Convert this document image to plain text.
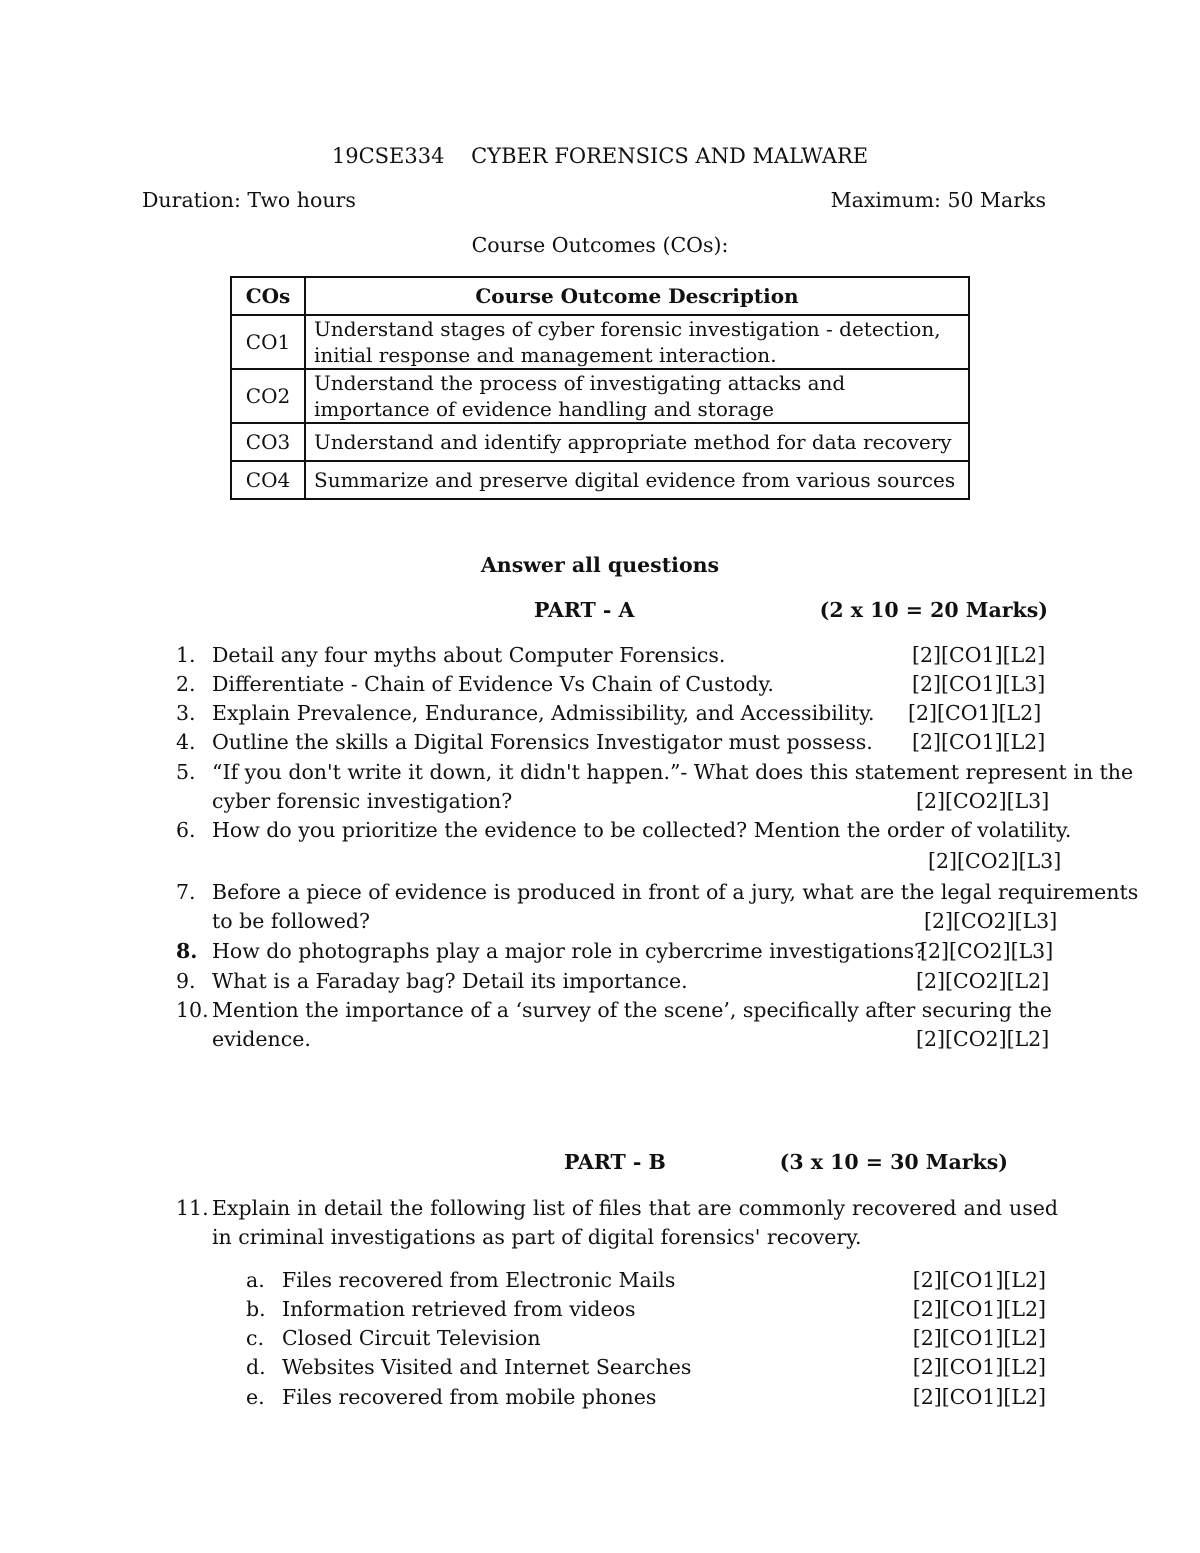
19CSE334    CYBER FORENSICS AND MALWARE
Duration: Two hours	Maximum: 50 Marks
Course Outcomes (COs):
COs	Course Outcome Description
CO1	Understand stages of cyber forensic investigation - detection, initial response and management interaction.
CO2	Understand the process of investigating attacks and importance of evidence handling and storage
CO3	Understand and identify appropriate method for data recovery
CO4	Summarize and preserve digital evidence from various sources
Answer all questions
PART - A	(2 x 10 = 20 Marks)
1. Detail any four myths about Computer Forensics.	[2][CO1][L2]
2. Differentiate - Chain of Evidence Vs Chain of Custody.	[2][CO1][L3]
3. Explain Prevalence, Endurance, Admissibility, and Accessibility. [2][CO1][L2]
4. Outline the skills a Digital Forensics Investigator must possess. [2][CO1][L2]
5. “If you don't write it down, it didn't happen.”- What does this statement represent in the
cyber forensic investigation?	[2][CO2][L3]
6. How do you prioritize the evidence to be collected? Mention the order of volatility.
[2][CO2][L3]
7. Before a piece of evidence is produced in front of a jury, what are the legal requirements
to be followed?	[2][CO2][L3]
8. How do photographs play a major role in cybercrime investigations?
[2][CO2][L3]
9. What is a Faraday bag? Detail its importance.	[2][CO2][L2]
10. Mention the importance of a ‘survey of the scene’, specifically after securing the
evidence.	[2][CO2][L2]
PART - B	(3 x 10 = 30 Marks)
11. Explain in detail the following list of files that are commonly recovered and used in criminal investigations as part of digital forensics' recovery.
a. Files recovered from Electronic Mails	[2][CO1][L2]
b. Information retrieved from videos	[2][CO1][L2]
c. Closed Circuit Television	[2][CO1][L2]
d. Websites Visited and Internet Searches	[2][CO1][L2]
e. Files recovered from mobile phones	[2][CO1][L2]
